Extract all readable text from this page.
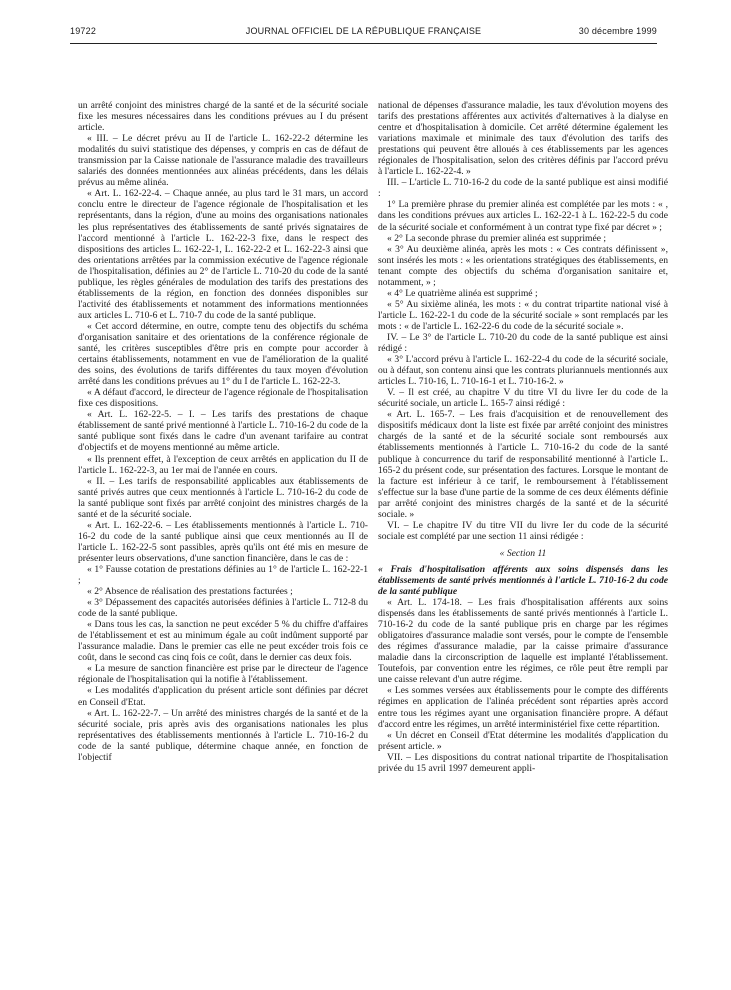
19722	JOURNAL OFFICIEL DE LA RÉPUBLIQUE FRANÇAISE	30 décembre 1999

un arrêté conjoint des ministres chargé de la santé et de la sécurité sociale fixe les mesures nécessaires dans les conditions prévues au I du présent article.

« III. – Le décret prévu au II de l'article L. 162-22-2 détermine les modalités du suivi statistique des dépenses, y compris en cas de défaut de transmission par la Caisse nationale de l'assurance maladie des travailleurs salariés des données mentionnées aux alinéas précédents, dans les délais prévus au même alinéa.

« Art. L. 162-22-4. – Chaque année, au plus tard le 31 mars, un accord conclu entre le directeur de l'agence régionale de l'hospitalisation et les représentants, dans la région, d'une au moins des organisations nationales les plus représentatives des établissements de santé privés signataires de l'accord mentionné à l'article L. 162-22-3 fixe, dans le respect des dispositions des articles L. 162-22-1, L. 162-22-2 et L. 162-22-3 ainsi que des orientations arrêtées par la commission exécutive de l'agence régionale de l'hospitalisation, définies au 2° de l'article L. 710-20 du code de la santé publique, les règles générales de modulation des tarifs des prestations des établissements de la région, en fonction des données disponibles sur l'activité des établissements et notamment des informations mentionnées aux articles L. 710-6 et L. 710-7 du code de la santé publique.

« Cet accord détermine, en outre, compte tenu des objectifs du schéma d'organisation sanitaire et des orientations de la conférence régionale de santé, les critères susceptibles d'être pris en compte pour accorder à certains établissements, notamment en vue de l'amélioration de la qualité des soins, des évolutions de tarifs différentes du taux moyen d'évolution arrêté dans les conditions prévues au 1° du I de l'article L. 162-22-3.

« A défaut d'accord, le directeur de l'agence régionale de l'hospitalisation fixe ces dispositions.

« Art. L. 162-22-5. – I. – Les tarifs des prestations de chaque établissement de santé privé mentionné à l'article L. 710-16-2 du code de la santé publique sont fixés dans le cadre d'un avenant tarifaire au contrat d'objectifs et de moyens mentionné au même article.

« Ils prennent effet, à l'exception de ceux arrêtés en application du II de l'article L. 162-22-3, au 1er mai de l'année en cours.

« II. – Les tarifs de responsabilité applicables aux établissements de santé privés autres que ceux mentionnés à l'article L. 710-16-2 du code de la santé publique sont fixés par arrêté conjoint des ministres chargés de la santé et de la sécurité sociale.

« Art. L. 162-22-6. – Les établissements mentionnés à l'article L. 710-16-2 du code de la santé publique ainsi que ceux mentionnés au II de l'article L. 162-22-5 sont passibles, après qu'ils ont été mis en mesure de présenter leurs observations, d'une sanction financière, dans le cas de :

« 1° Fausse cotation de prestations définies au 1° de l'article L. 162-22-1 ;

« 2° Absence de réalisation des prestations facturées ;

« 3° Dépassement des capacités autorisées définies à l'article L. 712-8 du code de la santé publique.

« Dans tous les cas, la sanction ne peut excéder 5 % du chiffre d'affaires de l'établissement et est au minimum égale au coût indûment supporté par l'assurance maladie. Dans le premier cas elle ne peut excéder trois fois ce coût, dans le second cas cinq fois ce coût, dans le dernier cas deux fois.

« La mesure de sanction financière est prise par le directeur de l'agence régionale de l'hospitalisation qui la notifie à l'établissement.

« Les modalités d'application du présent article sont définies par décret en Conseil d'Etat.

« Art. L. 162-22-7. – Un arrêté des ministres chargés de la santé et de la sécurité sociale, pris après avis des organisations nationales les plus représentatives des établissements mentionnés à l'article L. 710-16-2 du code de la santé publique, détermine chaque année, en fonction de l'objectif

national de dépenses d'assurance maladie, les taux d'évolution moyens des tarifs des prestations afférentes aux activités d'alternatives à la dialyse en centre et d'hospitalisation à domicile. Cet arrêté détermine également les variations maximale et minimale des taux d'évolution des tarifs des prestations qui peuvent être alloués à ces établissements par les agences régionales de l'hospitalisation, selon des critères définis par l'accord prévu à l'article L. 162-22-4. »

III. – L'article L. 710-16-2 du code de la santé publique est ainsi modifié :

1° La première phrase du premier alinéa est complétée par les mots : « , dans les conditions prévues aux articles L. 162-22-1 à L. 162-22-5 du code de la sécurité sociale et conformément à un contrat type fixé par décret » ;

« 2° La seconde phrase du premier alinéa est supprimée ;

« 3° Au deuxième alinéa, après les mots : « Ces contrats définissent », sont insérés les mots : « les orientations stratégiques des établissements, en tenant compte des objectifs du schéma d'organisation sanitaire et, notamment, » ;

« 4° Le quatrième alinéa est supprimé ;

« 5° Au sixième alinéa, les mots : « du contrat tripartite national visé à l'article L. 162-22-1 du code de la sécurité sociale » sont remplacés par les mots : « de l'article L. 162-22-6 du code de la sécurité sociale ».

IV. – Le 3° de l'article L. 710-20 du code de la santé publique est ainsi rédigé :

« 3° L'accord prévu à l'article L. 162-22-4 du code de la sécurité sociale, ou à défaut, son contenu ainsi que les contrats pluriannuels mentionnés aux articles L. 710-16, L. 710-16-1 et L. 710-16-2. »

V. – Il est créé, au chapitre V du titre VI du livre Ier du code de la sécurité sociale, un article L. 165-7 ainsi rédigé :

« Art. L. 165-7. – Les frais d'acquisition et de renouvellement des dispositifs médicaux dont la liste est fixée par arrêté conjoint des ministres chargés de la santé et de la sécurité sociale sont remboursés aux établissements mentionnés à l'article L. 710-16-2 du code de la santé publique à concurrence du tarif de responsabilité mentionné à l'article L. 165-2 du présent code, sur présentation des factures. Lorsque le montant de la facture est inférieur à ce tarif, le remboursement à l'établissement s'effectue sur la base d'une partie de la somme de ces deux éléments définie par arrêté conjoint des ministres chargés de la santé et de la sécurité sociale. »

VI. – Le chapitre IV du titre VII du livre Ier du code de la sécurité sociale est complété par une section 11 ainsi rédigée :

« Section 11

« Frais d'hospitalisation afférents aux soins dispensés dans les établissements de santé privés mentionnés à l'article L. 710-16-2 du code de la santé publique

« Art. L. 174-18. – Les frais d'hospitalisation afférents aux soins dispensés dans les établissements de santé privés mentionnés à l'article L. 710-16-2 du code de la santé publique pris en charge par les régimes obligatoires d'assurance maladie sont versés, pour le compte de l'ensemble des régimes d'assurance maladie, par la caisse primaire d'assurance maladie dans la circonscription de laquelle est implanté l'établissement. Toutefois, par convention entre les régimes, ce rôle peut être rempli par une caisse relevant d'un autre régime.

« Les sommes versées aux établissements pour le compte des différents régimes en application de l'alinéa précédent sont réparties après accord entre tous les régimes ayant une organisation financière propre. A défaut d'accord entre les régimes, un arrêté interministériel fixe cette répartition.

« Un décret en Conseil d'Etat détermine les modalités d'application du présent article. »

VII. – Les dispositions du contrat national tripartite de l'hospitalisation privée du 15 avril 1997 demeurent appli-
